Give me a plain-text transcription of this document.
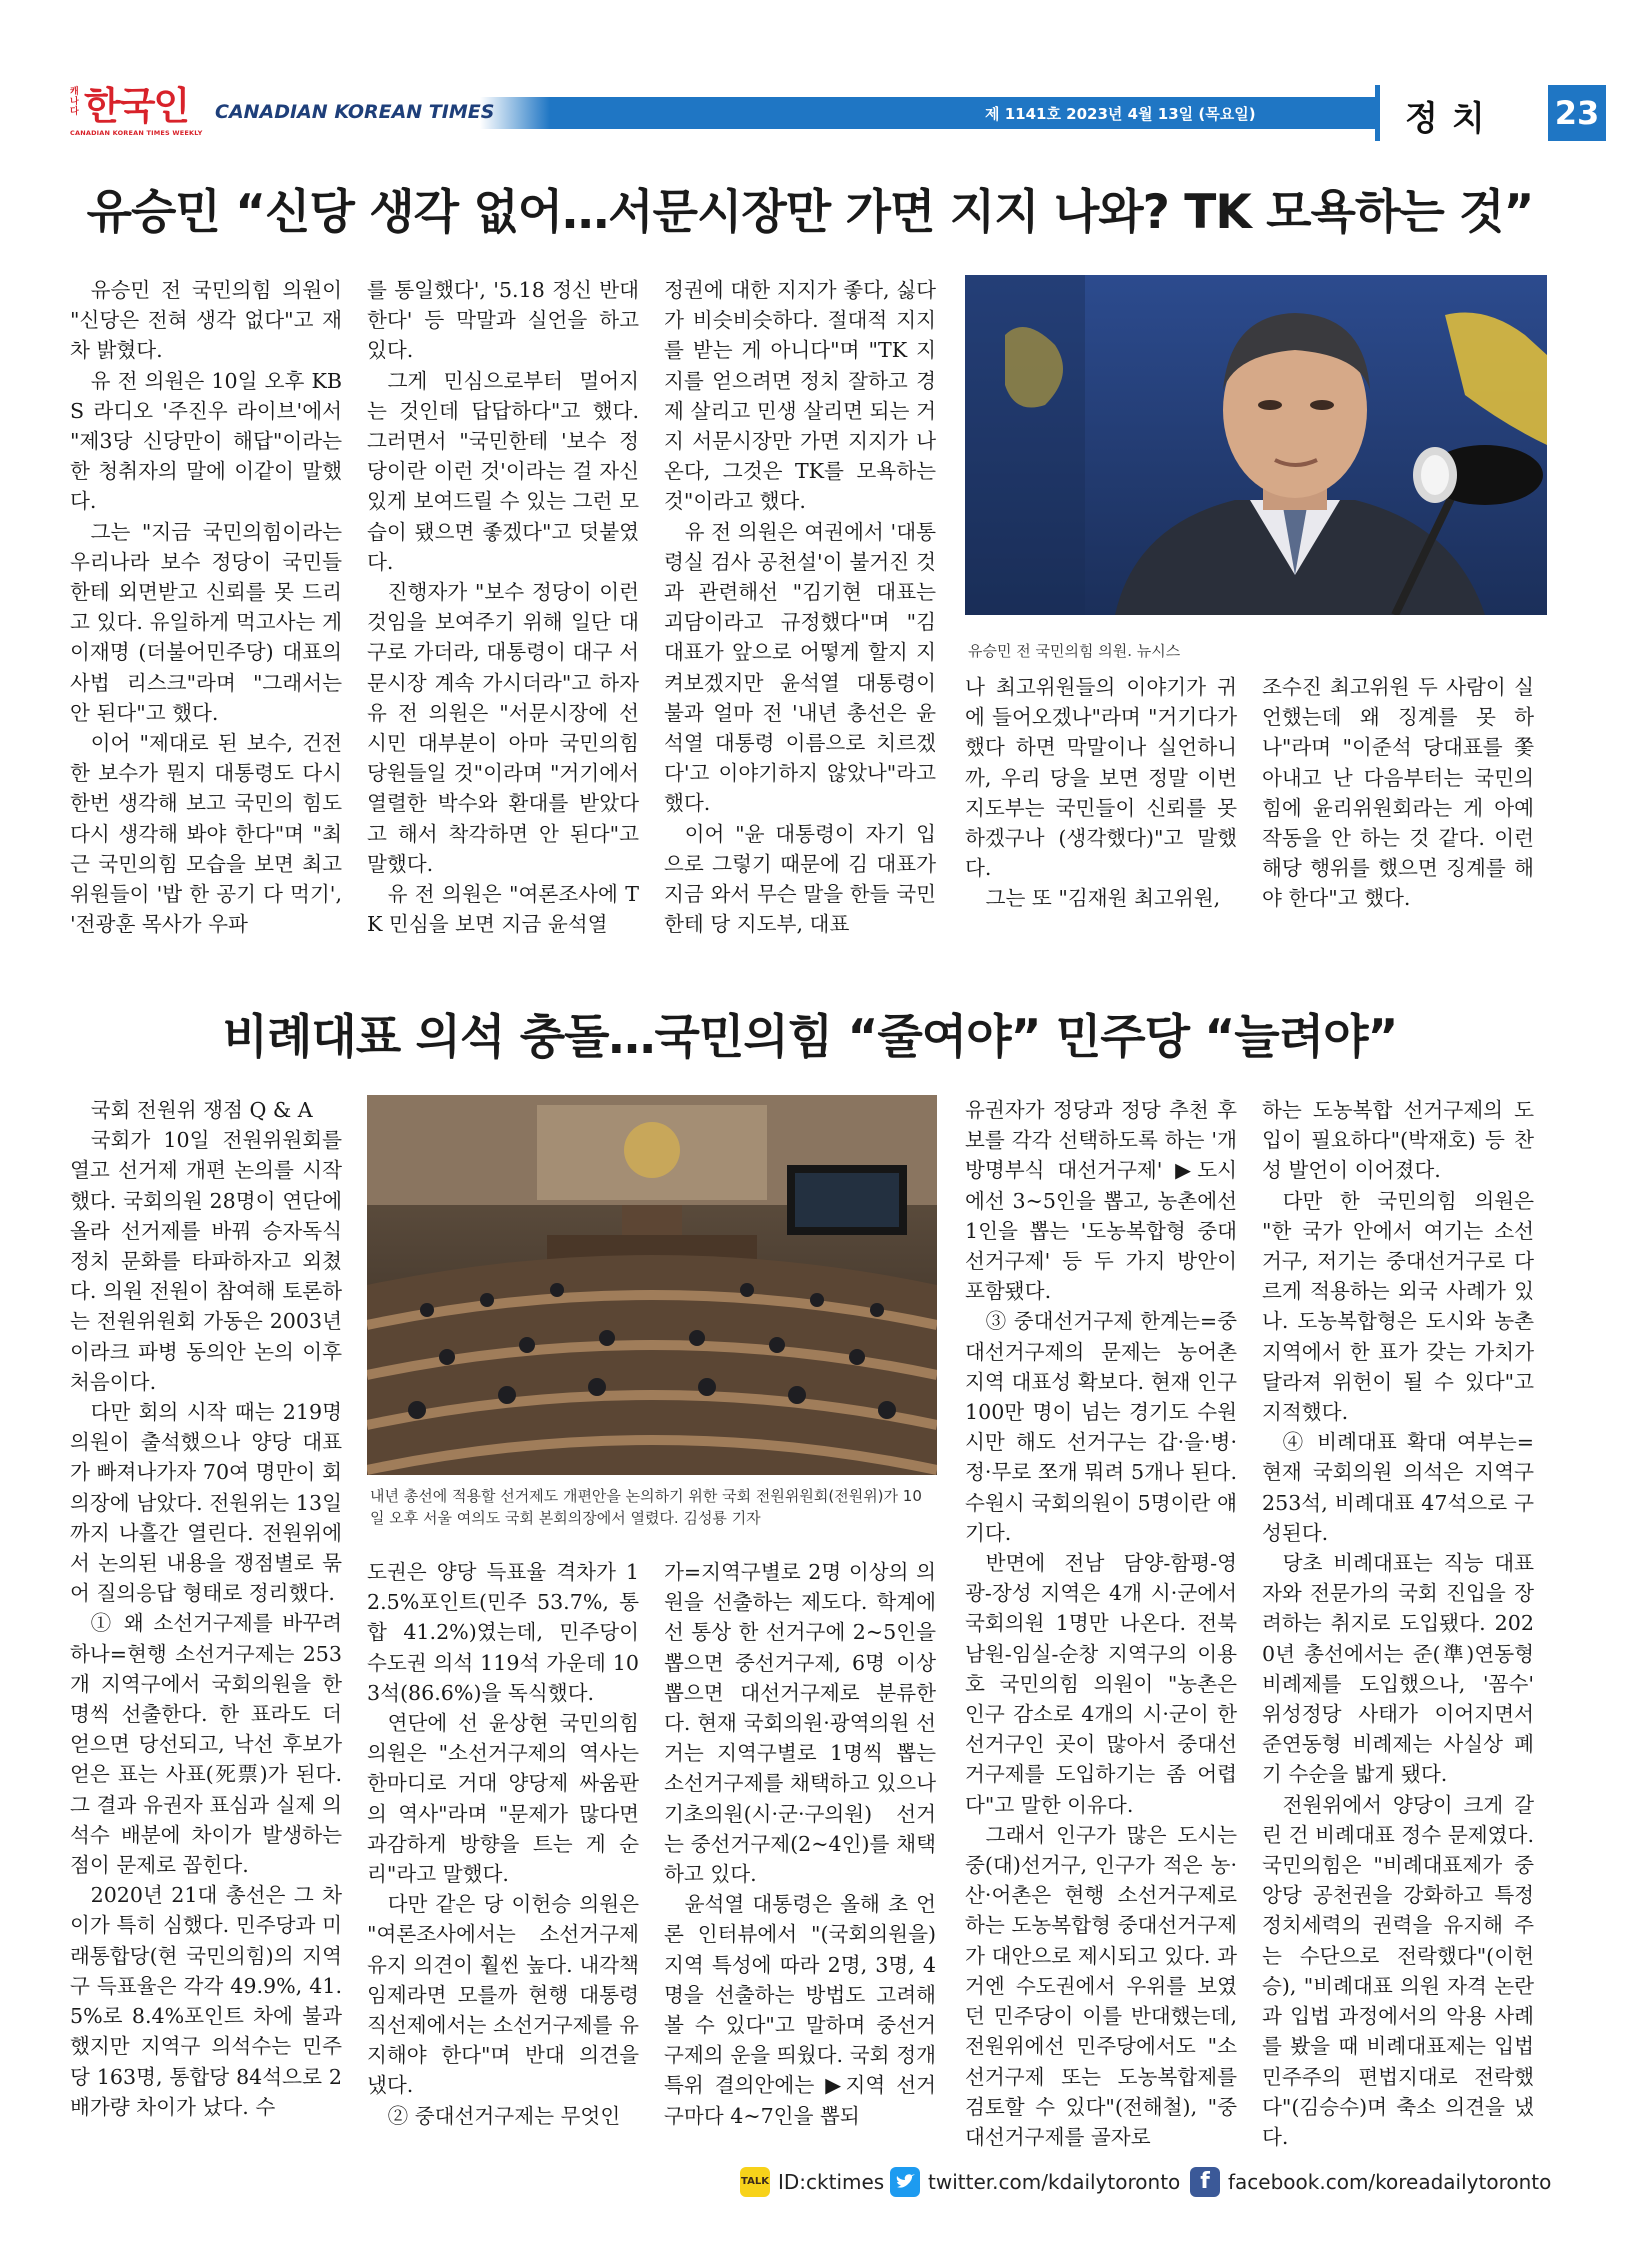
캐나다 한국인
CANADIAN KOREAN TIMES WEEKLY
CANADIAN KOREAN TIMES	제 1141호 2023년 4월 13일 (목요일)	정치 23
유승민 “신당 생각 없어…서문시장만 가면 지지 나와? TK 모욕하는 것”

유승민 전 국민의힘 의원이 "신당은 전혀 생각 없다"고 재차 밝혔다.

유 전 의원은 10일 오후 KBS 라디오 '주진우 라이브'에서 "제3당 신당만이 해답"이라는 한 청취자의 말에 이같이 말했다.

그는 "지금 국민의힘이라는 우리나라 보수 정당이 국민들한테 외면받고 신뢰를 못 드리고 있다. 유일하게 먹고사는 게 이재명 (더불어민주당) 대표의 사법 리스크"라며 "그래서는 안 된다"고 했다.

이어 "제대로 된 보수, 건전한 보수가 뭔지 대통령도 다시 한번 생각해 보고 국민의 힘도 다시 생각해 봐야 한다"며 "최근 국민의힘 모습을 보면 최고위원들이 '밥 한 공기 다 먹기', '전광훈 목사가 우파

를 통일했다', '5.18 정신 반대한다' 등 막말과 실언을 하고 있다.

그게 민심으로부터 멀어지는 것인데 답답하다"고 했다. 그러면서 "국민한테 '보수 정당이란 이런 것'이라는 걸 자신 있게 보여드릴 수 있는 그런 모습이 됐으면 좋겠다"고 덧붙였다.

진행자가 "보수 정당이 이런 것임을 보여주기 위해 일단 대구로 가더라, 대통령이 대구 서문시장 계속 가시더라"고 하자 유 전 의원은 "서문시장에 선 시민 대부분이 아마 국민의힘 당원들일 것"이라며 "거기에서 열렬한 박수와 환대를 받았다고 해서 착각하면 안 된다"고 말했다.

유 전 의원은 "여론조사에 TK 민심을 보면 지금 윤석열

정권에 대한 지지가 좋다, 싫다가 비슷비슷하다. 절대적 지지를 받는 게 아니다"며 "TK 지지를 얻으려면 정치 잘하고 경제 살리고 민생 살리면 되는 거지 서문시장만 가면 지지가 나온다, 그것은 TK를 모욕하는 것"이라고 했다.

유 전 의원은 여권에서 '대통령실 검사 공천설'이 불거진 것과 관련해선 "김기현 대표는 괴담이라고 규정했다"며 "김 대표가 앞으로 어떻게 할지 지켜보겠지만 윤석열 대통령이 불과 얼마 전 '내년 총선은 윤석열 대통령 이름으로 치르겠다'고 이야기하지 않았나"라고 했다.

이어 "윤 대통령이 자기 입으로 그렇기 때문에 김 대표가 지금 와서 무슨 말을 한들 국민한테 당 지도부, 대표

유승민 전 국민의힘 의원. 뉴시스

나 최고위원들의 이야기가 귀에 들어오겠나"라며 "거기다가 했다 하면 막말이나 실언하니까, 우리 당을 보면 정말 이번 지도부는 국민들이 신뢰를 못 하겠구나 (생각했다)"고 말했다.

그는 또 "김재원 최고위원,

조수진 최고위원 두 사람이 실언했는데 왜 징계를 못 하나"라며 "이준석 당대표를 쫓아내고 난 다음부터는 국민의힘에 윤리위원회라는 게 아예 작동을 안 하는 것 같다. 이런 해당 행위를 했으면 징계를 해야 한다"고 했다.

비례대표 의석 충돌…국민의힘 “줄여야” 민주당 “늘려야”

국회 전원위 쟁점 Q & A

국회가 10일 전원위원회를 열고 선거제 개편 논의를 시작했다. 국회의원 28명이 연단에 올라 선거제를 바꿔 승자독식 정치 문화를 타파하자고 외쳤다. 의원 전원이 참여해 토론하는 전원위원회 가동은 2003년 이라크 파병 동의안 논의 이후 처음이다.

다만 회의 시작 때는 219명 의원이 출석했으나 양당 대표가 빠져나가자 70여 명만이 회의장에 남았다. 전원위는 13일까지 나흘간 열린다. 전원위에서 논의된 내용을 쟁점별로 묶어 질의응답 형태로 정리했다.

① 왜 소선거구제를 바꾸려 하나=현행 소선거구제는 253개 지역구에서 국회의원을 한 명씩 선출한다. 한 표라도 더 얻으면 당선되고, 낙선 후보가 얻은 표는 사표(死票)가 된다. 그 결과 유권자 표심과 실제 의석수 배분에 차이가 발생하는 점이 문제로 꼽힌다.

2020년 21대 총선은 그 차이가 특히 심했다. 민주당과 미래통합당(현 국민의힘)의 지역구 득표율은 각각 49.9%, 41.5%로 8.4%포인트 차에 불과했지만 지역구 의석수는 민주당 163명, 통합당 84석으로 2배가량 차이가 났다. 수

내년 총선에 적용할 선거제도 개편안을 논의하기 위한 국회 전원위원회(전원위)가 10일 오후 서울 여의도 국회 본회의장에서 열렸다. 김성룡 기자

도권은 양당 득표율 격차가 12.5%포인트(민주 53.7%, 통합 41.2%)였는데, 민주당이 수도권 의석 119석 가운데 103석(86.6%)을 독식했다.

연단에 선 윤상현 국민의힘 의원은 "소선거구제의 역사는 한마디로 거대 양당제 싸움판의 역사"라며 "문제가 많다면 과감하게 방향을 트는 게 순리"라고 말했다.

다만 같은 당 이헌승 의원은 "여론조사에서는 소선거구제 유지 의견이 훨씬 높다. 내각책임제라면 모를까 현행 대통령 직선제에서는 소선거구제를 유지해야 한다"며 반대 의견을 냈다.

② 중대선거구제는 무엇인

가=지역구별로 2명 이상의 의원을 선출하는 제도다. 학계에선 통상 한 선거구에 2~5인을 뽑으면 중선거구제, 6명 이상 뽑으면 대선거구제로 분류한다. 현재 국회의원·광역의원 선거는 지역구별로 1명씩 뽑는 소선거구제를 채택하고 있으나 기초의원(시·군·구의원) 선거는 중선거구제(2~4인)를 채택하고 있다.

윤석열 대통령은 올해 초 언론 인터뷰에서 "(국회의원을) 지역 특성에 따라 2명, 3명, 4명을 선출하는 방법도 고려해 볼 수 있다"고 말하며 중선거구제의 운을 띄웠다. 국회 정개특위 결의안에는 ▶지역 선거구마다 4~7인을 뽑되

유권자가 정당과 정당 추천 후보를 각각 선택하도록 하는 '개방명부식 대선거구제' ▶도시에선 3~5인을 뽑고, 농촌에선 1인을 뽑는 '도농복합형 중대선거구제' 등 두 가지 방안이 포함됐다.

③ 중대선거구제 한계는=중대선거구제의 문제는 농어촌 지역 대표성 확보다. 현재 인구 100만 명이 넘는 경기도 수원시만 해도 선거구는 갑·을·병·정·무로 쪼개 뭐려 5개나 된다. 수원시 국회의원이 5명이란 얘기다.

반면에 전남 담양-함평-영광-장성 지역은 4개 시·군에서 국회의원 1명만 나온다. 전북 남원-임실-순창 지역구의 이용호 국민의힘 의원이 "농촌은 인구 감소로 4개의 시·군이 한 선거구인 곳이 많아서 중대선거구제를 도입하기는 좀 어렵다"고 말한 이유다.

그래서 인구가 많은 도시는 중(대)선거구, 인구가 적은 농·산·어촌은 현행 소선거구제로 하는 도농복합형 중대선거구제가 대안으로 제시되고 있다. 과거엔 수도권에서 우위를 보였던 민주당이 이를 반대했는데, 전원위에선 민주당에서도 "소선거구제 또는 도농복합제를 검토할 수 있다"(전해철), "중대선거구제를 골자로

하는 도농복합 선거구제의 도입이 필요하다"(박재호) 등 찬성 발언이 이어졌다.

다만 한 국민의힘 의원은 "한 국가 안에서 여기는 소선거구, 저기는 중대선거구로 다르게 적용하는 외국 사례가 있나. 도농복합형은 도시와 농촌 지역에서 한 표가 갖는 가치가 달라져 위헌이 될 수 있다"고 지적했다.

④ 비례대표 확대 여부는=현재 국회의원 의석은 지역구 253석, 비례대표 47석으로 구성된다.

당초 비례대표는 직능 대표자와 전문가의 국회 진입을 장려하는 취지로 도입됐다. 2020년 총선에서는 준(準)연동형 비례제를 도입했으나, '꼼수' 위성정당 사태가 이어지면서 준연동형 비례제는 사실상 폐기 수순을 밟게 됐다.

전원위에서 양당이 크게 갈린 건 비례대표 정수 문제였다. 국민의힘은 "비례대표제가 중앙당 공천권을 강화하고 특정 정치세력의 권력을 유지해 주는 수단으로 전락했다"(이헌승), "비례대표 의원 자격 논란과 입법 과정에서의 악용 사례를 봤을 때 비례대표제는 입법 민주주의 편법지대로 전락했다"(김승수)며 축소 의견을 냈다.

TALK ID:cktimes twitter.com/kdailytoronto f facebook.com/koreadailytoronto
